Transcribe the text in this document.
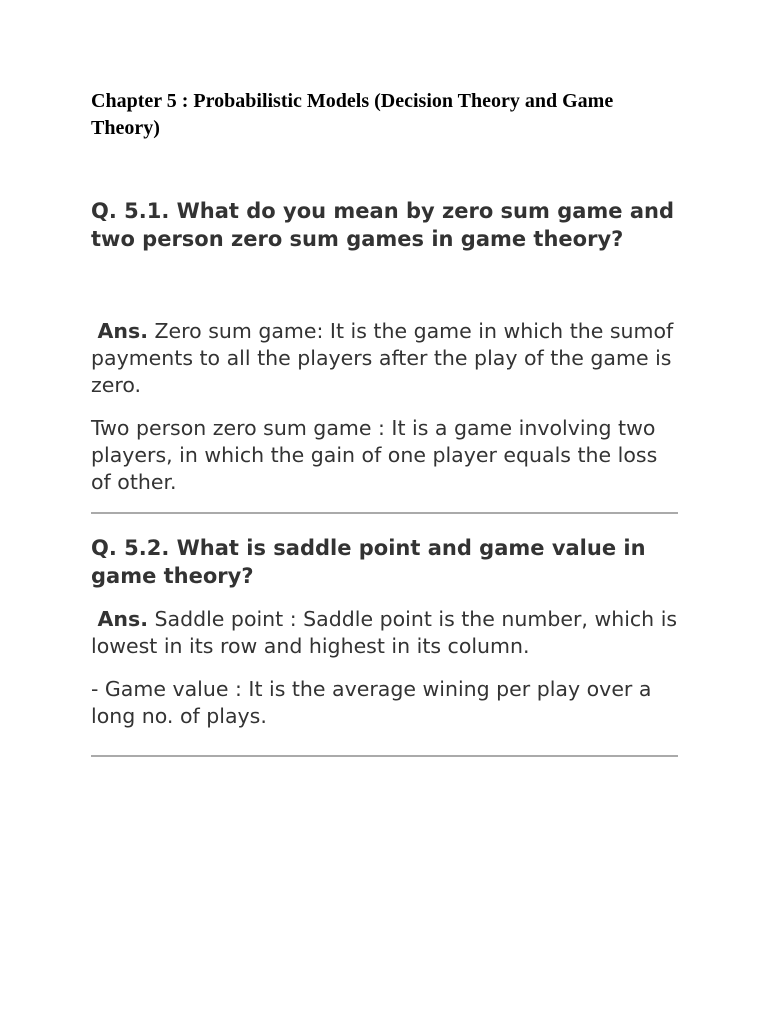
Chapter 5 : Probabilistic Models (Decision Theory and Game Theory)
Q. 5.1. What do you mean by zero sum game and two person zero sum games in game theory?
Ans. Zero sum game: It is the game in which the sumof payments to all the players after the play of the game is zero.
Two person zero sum game : It is a game involving two players, in which the gain of one player equals the loss of other.
Q. 5.2. What is saddle point and game value in game theory?
Ans. Saddle point : Saddle point is the number, which is lowest in its row and highest in its column.
- Game value : It is the average wining per play over a long no. of plays.
